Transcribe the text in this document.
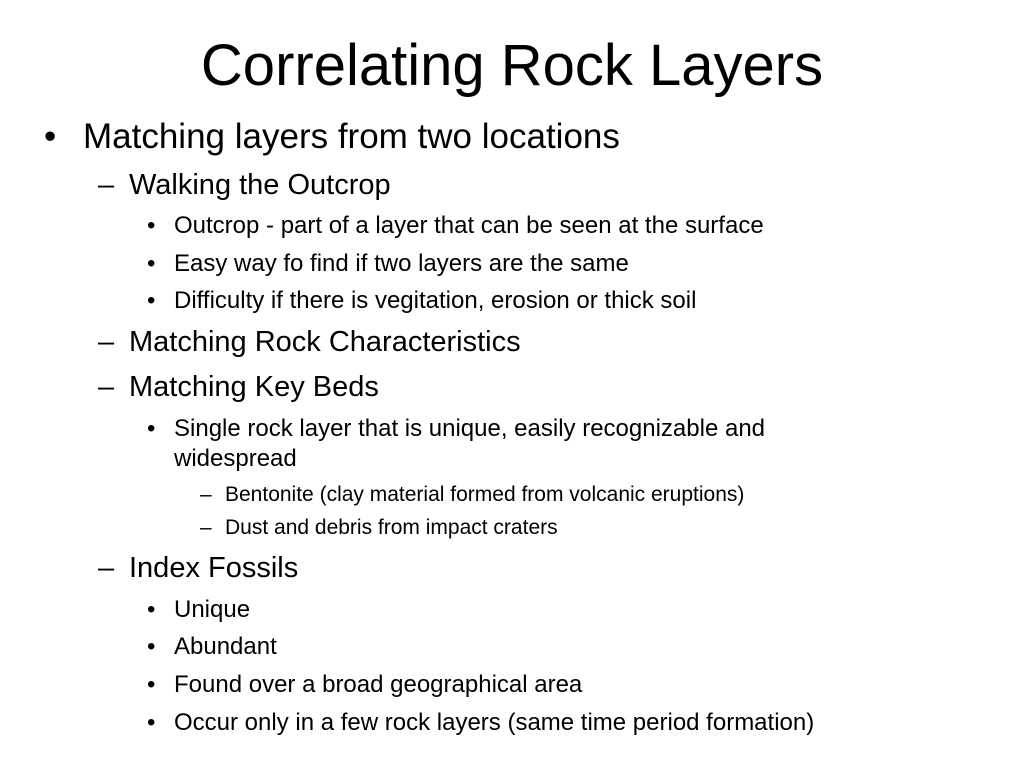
Correlating Rock Layers
• Matching layers from two locations
– Walking the Outcrop
• Outcrop - part of a layer that can be seen at the surface
• Easy way fo find if two layers are the same
• Difficulty if there is vegitation, erosion or thick soil
– Matching Rock Characteristics
– Matching Key Beds
• Single rock layer that is unique, easily recognizable and widespread
– Bentonite (clay material formed from volcanic eruptions)
– Dust and debris from impact craters
– Index Fossils
• Unique
• Abundant
• Found over a broad geographical area
• Occur only in a few rock layers (same time period formation)
